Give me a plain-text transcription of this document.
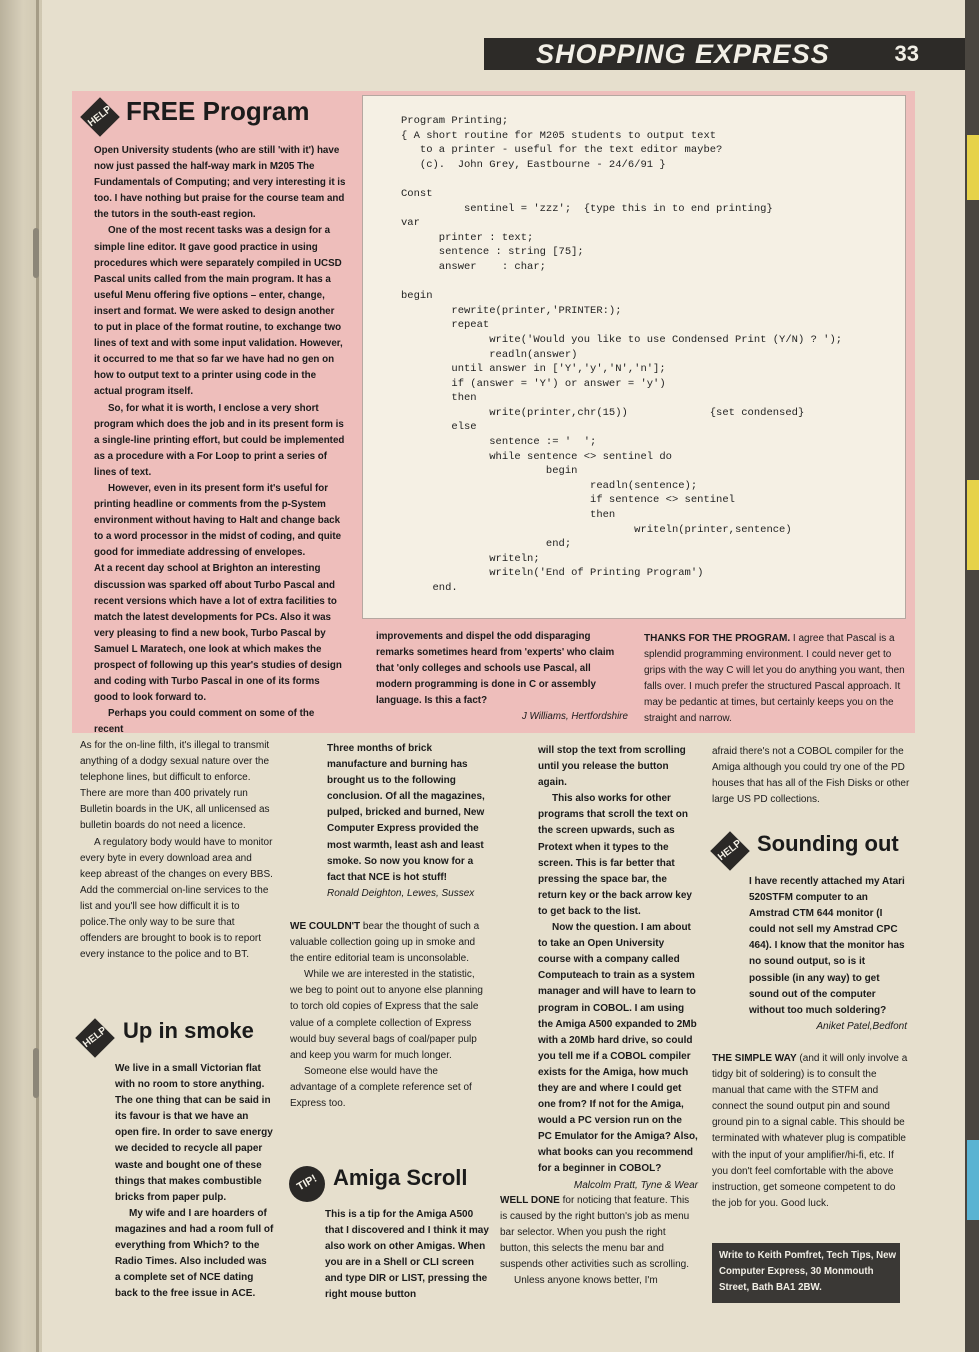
SHOPPING EXPRESS	33
HELP FREE Program

Open University students (who are still 'with it') have now just passed the half-way mark in M205 The Fundamentals of Computing; and very interesting it is too. I have nothing but praise for the course team and the tutors in the south-east region.

One of the most recent tasks was a design for a simple line editor. It gave good practice in using procedures which were separately compiled in UCSD Pascal units called from the main program. It has a useful Menu offering five options – enter, change, insert and format. We were asked to design another to put in place of the format routine, to exchange two lines of text and with some input validation. However, it occurred to me that so far we have had no gen on how to output text to a printer using code in the actual program itself.

So, for what it is worth, I enclose a very short program which does the job and in its present form is a single-line printing effort, but could be implemented as a procedure with a For Loop to print a series of lines of text.

However, even in its present form it's useful for printing headline or comments from the p-System environment without having to Halt and change back to a word processor in the midst of coding, and quite good for immediate addressing of envelopes.

At a recent day school at Brighton an interesting discussion was sparked off about Turbo Pascal and recent versions which have a lot of extra facilities to match the latest developments for PCs. Also it was very pleasing to find a new book, Turbo Pascal by Samuel L Maratech, one look at which makes the prospect of following up this year's studies of design and coding with Turbo Pascal in one of its forms good to look forward to.

Perhaps you could comment on some of the recent

Program Printing;
{ A short routine for M205 students to output text
to a printer - useful for the text editor maybe?
(c).  John Grey, Eastbourne - 24/6/91 }

Const
sentinel = 'zzz';  {type this in to end printing}
var
printer : text;
sentence : string [75];
answer    : char;

begin
rewrite(printer,'PRINTER:);
repeat
write('Would you like to use Condensed Print (Y/N) ? ');
readln(answer)
until answer in ['Y','y','N','n'];
if (answer = 'Y') or answer = 'y')
then
write(printer,chr(15))             {set condensed}
else
sentence := '  ';
while sentence <> sentinel do
begin
readln(sentence);
if sentence <> sentinel
then
writeln(printer,sentence)
end;
writeln;
writeln('End of Printing Program')
end.

improvements and dispel the odd disparaging remarks sometimes heard from 'experts' who claim that 'only colleges and schools use Pascal, all modern programming is done in C or assembly language. Is this a fact?

J Williams, Hertfordshire

THANKS FOR THE PROGRAM. I agree that Pascal is a splendid programming environment. I could never get to grips with the way C will let you do anything you want, then falls over. I much prefer the structured Pascal approach. It may be pedantic at times, but certainly keeps you on the straight and narrow.

As for the on-line filth, it's illegal to transmit anything of a dodgy sexual nature over the telephone lines, but difficult to enforce. There are more than 400 privately run Bulletin boards in the UK, all unlicensed as bulletin boards do not need a licence.

A regulatory body would have to monitor every byte in every download area and keep abreast of the changes on every BBS. Add the commercial on-line services to the list and you'll see how difficult it is to police.The only way to be sure that offenders are brought to book is to report every instance to the police and to BT.

HELP Up in smoke

We live in a small Victorian flat with no room to store anything. The one thing that can be said in its favour is that we have an open fire. In order to save energy we decided to recycle all paper waste and bought one of these things that makes combustible bricks from paper pulp.

My wife and I are hoarders of magazines and had a room full of everything from Which? to the Radio Times. Also included was a complete set of NCE dating back to the free issue in ACE.

Three months of brick manufacture and burning has brought us to the following conclusion. Of all the magazines, pulped, bricked and burned, New Computer Express provided the most warmth, least ash and least smoke. So now you know for a fact that NCE is hot stuff!

Ronald Deighton, Lewes, Sussex

WE COULDN'T bear the thought of such a valuable collection going up in smoke and the entire editorial team is unconsolable.

While we are interested in the statistic, we beg to point out to anyone else planning to torch old copies of Express that the sale value of a complete collection of Express would buy several bags of coal/paper pulp and keep you warm for much longer.

Someone else would have the advantage of a complete reference set of Express too.

TIP! Amiga Scroll

This is a tip for the Amiga A500 that I discovered and I think it may also work on other Amigas. When you are in a Shell or CLI screen and type DIR or LIST, pressing the right mouse button

will stop the text from scrolling until you release the button again.

This also works for other programs that scroll the text on the screen upwards, such as Protext when it types to the screen. This is far better that pressing the space bar, the return key or the back arrow key to get back to the list.

Now the question. I am about to take an Open University course with a company called Computeach to train as a system manager and will have to learn to program in COBOL. I am using the Amiga A500 expanded to 2Mb with a 20Mb hard drive, so could you tell me if a COBOL compiler exists for the Amiga, how much they are and where I could get one from? If not for the Amiga, would a PC version run on the PC Emulator for the Amiga? Also, what books can you recommend for a beginner in COBOL?

Malcolm Pratt, Tyne & Wear

WELL DONE for noticing that feature. This is caused by the right button's job as menu bar selector. When you push the right button, this selects the menu bar and suspends other activities such as scrolling.

Unless anyone knows better, I'm

afraid there's not a COBOL compiler for the Amiga although you could try one of the PD houses that has all of the Fish Disks or other large US PD collections.

HELP Sounding out

I have recently attached my Atari 520STFM computer to an Amstrad CTM 644 monitor (I could not sell my Amstrad CPC 464). I know that the monitor has no sound output, so is it possible (in any way) to get sound out of the computer without too much soldering?

Aniket Patel,Bedfont

THE SIMPLE WAY (and it will only involve a tidgy bit of soldering) is to consult the manual that came with the STFM and connect the sound output pin and sound ground pin to a signal cable. This should be terminated with whatever plug is compatible with the input of your amplifier/hi-fi, etc. If you don't feel comfortable with the above instruction, get someone competent to do the job for you. Good luck.

Write to Keith Pomfret, Tech Tips, New Computer Express, 30 Monmouth Street, Bath BA1 2BW.
